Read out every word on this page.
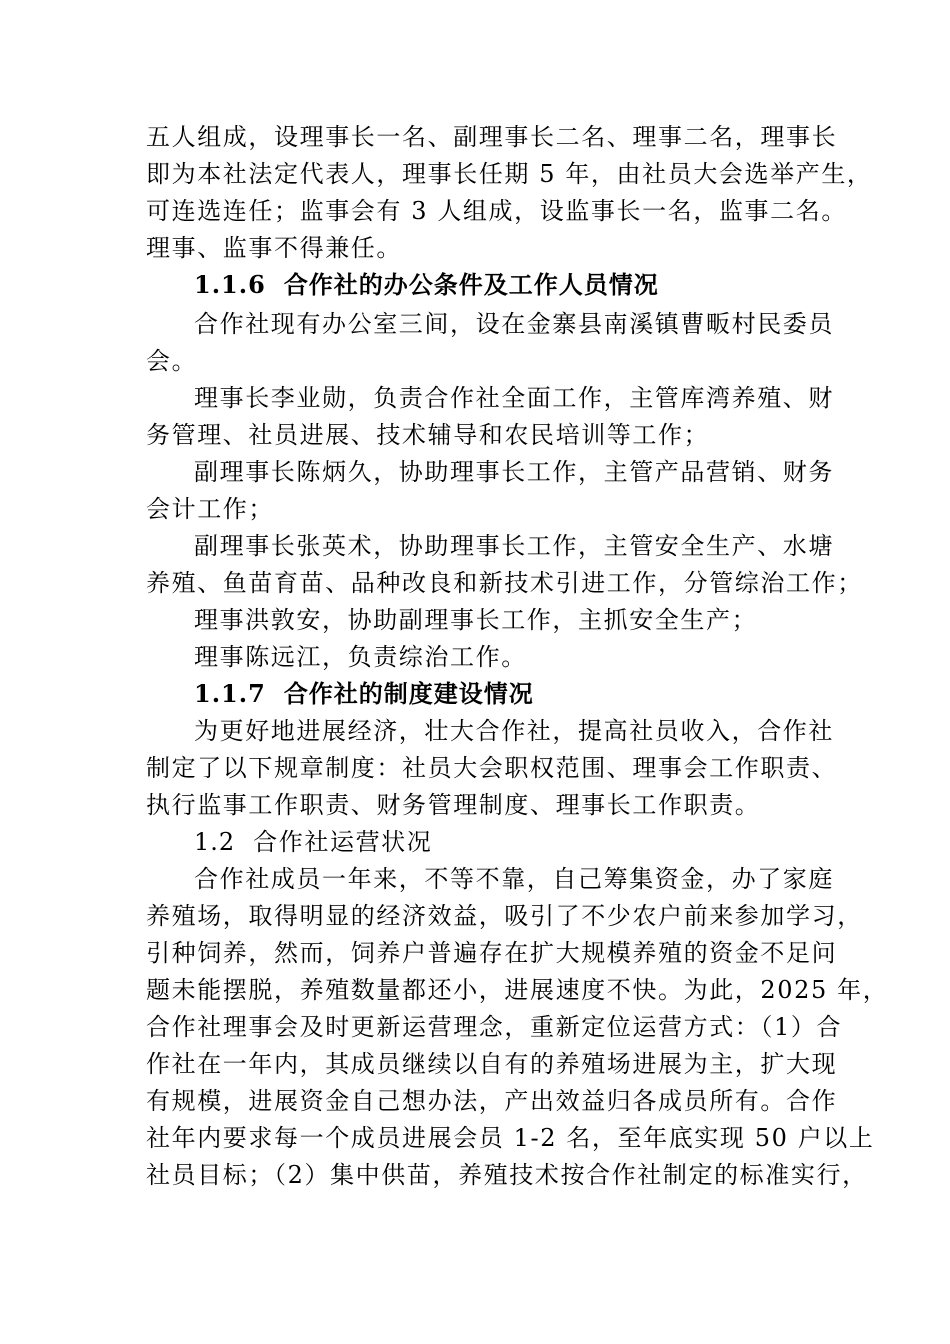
五人组成，设理事长一名、副理事长二名、理事二名，理事长
即为本社法定代表人，理事长任期 5 年，由社员大会选举产生，
可连选连任；监事会有 3 人组成，设监事长一名，监事二名。
理事、监事不得兼任。
1.1.6 合作社的办公条件及工作人员情况
合作社现有办公室三间，设在金寨县南溪镇曹畈村民委员
会。
理事长李业勋，负责合作社全面工作，主管库湾养殖、财
务管理、社员进展、技术辅导和农民培训等工作；
副理事长陈炳久，协助理事长工作，主管产品营销、财务
会计工作；
副理事长张英术，协助理事长工作，主管安全生产、水塘
养殖、鱼苗育苗、品种改良和新技术引进工作，分管综治工作；
理事洪敦安，协助副理事长工作，主抓安全生产；
理事陈远江，负责综治工作。
1.1.7 合作社的制度建设情况
为更好地进展经济，壮大合作社，提高社员收入，合作社
制定了以下规章制度：社员大会职权范围、理事会工作职责、
执行监事工作职责、财务管理制度、理事长工作职责。
1.2 合作社运营状况
合作社成员一年来，不等不靠，自己筹集资金，办了家庭
养殖场，取得明显的经济效益，吸引了不少农户前来参加学习，
引种饲养，然而，饲养户普遍存在扩大规模养殖的资金不足问
题未能摆脱，养殖数量都还小，进展速度不快。为此，2025 年，
合作社理事会及时更新运营理念，重新定位运营方式：（1）合
作社在一年内，其成员继续以自有的养殖场进展为主，扩大现
有规模，进展资金自己想办法，产出效益归各成员所有。合作
社年内要求每一个成员进展会员 1-2 名，至年底实现 50 户以上
社员目标；（2）集中供苗，养殖技术按合作社制定的标准实行，
